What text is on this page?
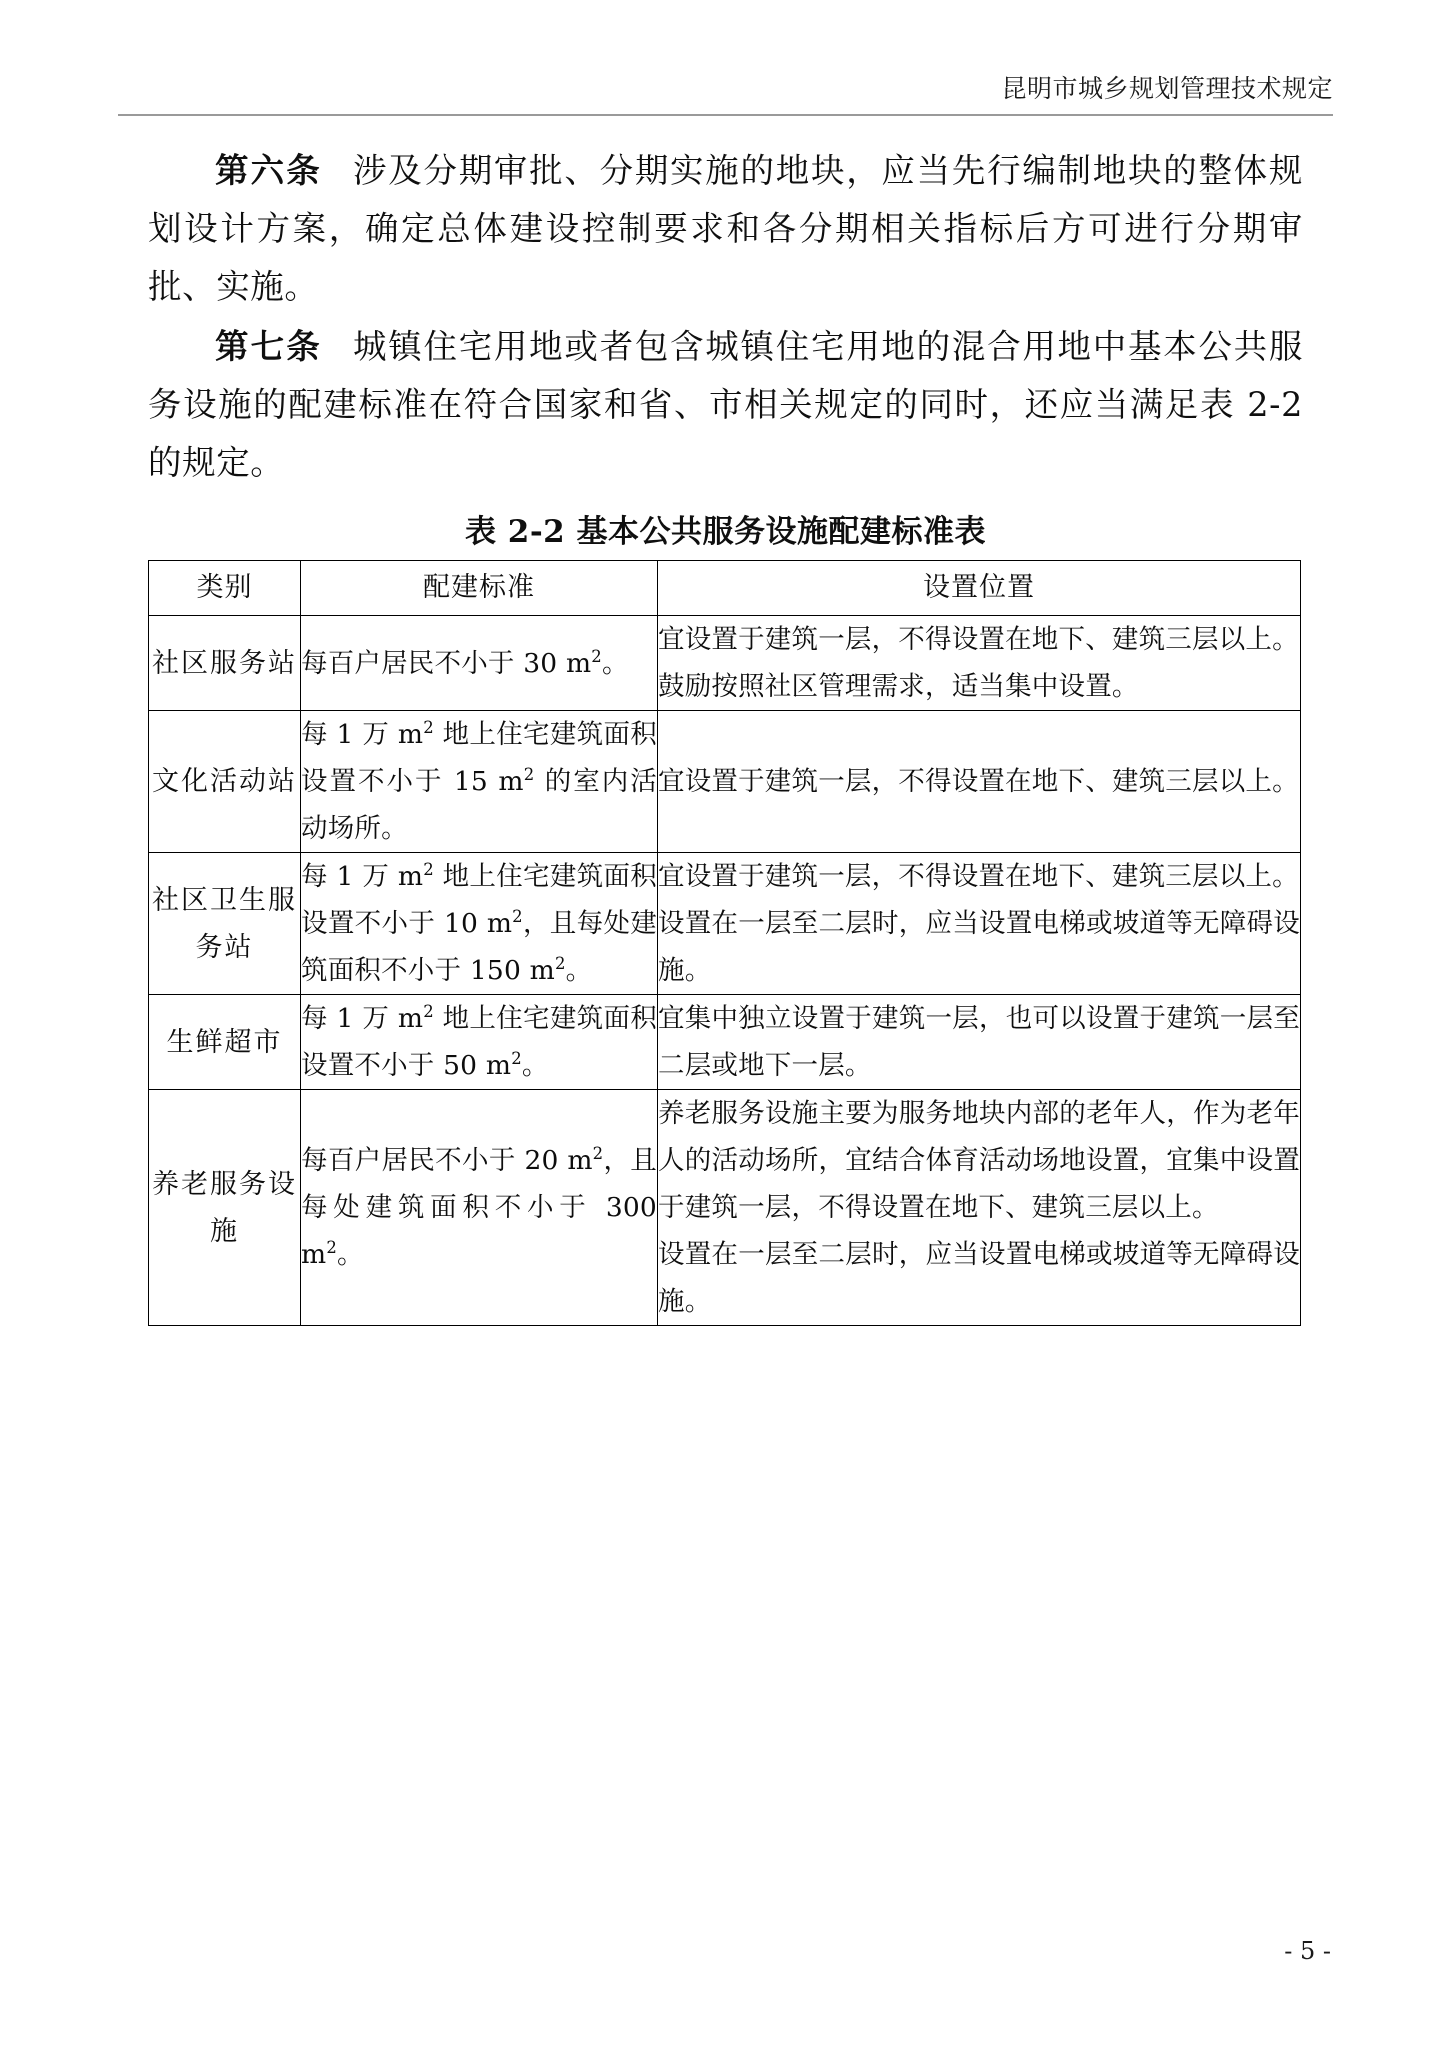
昆明市城乡规划管理技术规定

第六条 涉及分期审批、分期实施的地块，应当先行编制地块的整体规划设计方案，确定总体建设控制要求和各分期相关指标后方可进行分期审批、实施。

第七条 城镇住宅用地或者包含城镇住宅用地的混合用地中基本公共服务设施的配建标准在符合国家和省、市相关规定的同时，还应当满足表 2-2 的规定。

表 2-2 基本公共服务设施配建标准表
类别	配建标准	设置位置
社区服务站	每百户居民不小于 30 $m^2$。	宜设置于建筑一层，不得设置在地下、建筑三层以上。

鼓励按照社区管理需求，适当集中设置。

文化活动站	每 1 万 $m^2$ 地上住宅建筑面积设置不小于 15 $m^2$ 的室内活动场所。	宜设置于建筑一层，不得设置在地下、建筑三层以上。

社区卫生服务站	每 1 万 $m^2$ 地上住宅建筑面积设置不小于 10 $m^2$，且每处建筑面积不小于 150 $m^2$。	宜设置于建筑一层，不得设置在地下、建筑三层以上。

设置在一层至二层时，应当设置电梯或坡道等无障碍设施。

生鲜超市	每 1 万 $m^2$ 地上住宅建筑面积设置不小于 50 $m^2$。	宜集中独立设置于建筑一层，也可以设置于建筑一层至二层或地下一层。

养老服务设施	每百户居民不小于 20 $m^2$，且每处建筑面积不小于 300 $m^2$。	养老服务设施主要为服务地块内部的老年人，作为老年人的活动场所，宜结合体育活动场地设置，宜集中设置于建筑一层，不得设置在地下、建筑三层以上。

设置在一层至二层时，应当设置电梯或坡道等无障碍设施。

- 5 -
